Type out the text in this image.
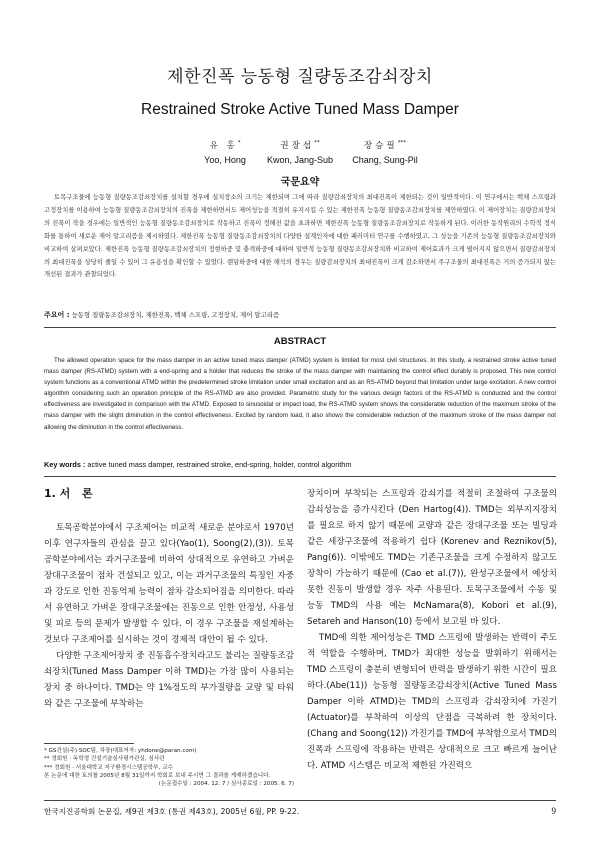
제한진폭 능동형 질량동조감쇠장치
Restrained Stroke Active Tuned Mass Damper
유 홍*
Yoo, Hong
권장섭**
Kwon, Jang-Sub
장승필***
Chang, Sung-Pil
국문요약
토목구조물에 능동형 질량동조감쇠장치를 설치할 경우에 설치장소의 크기는 제한되며 그에 따라 질량감쇠장치의 최대진폭이 제한되는 것이 일반적이다. 이 연구에서는 백체 스프링과 고정장치를 이용하여 능동형 질량동조감쇠장치의 진폭을 제한하면서도 제어성능을 적절히 유지시킬 수 있는 제한진폭 능동형 질량동조감쇠장치를 제안하였다. 이 제어장치는 질량감쇠장치의 진폭이 작을 경우에는 일반적인 능동형 질량동조감쇠장치로 작동하고 진폭이 정해진 값을 초과하면 제한진폭 능동형 질량동조감쇠장치로 작동하게 된다. 이러한 동작원리의 수학적 정식화를 통하여 새로운 제어 알고리즘을 제시하였다. 제한진폭 능동형 질량동조감쇠장치의 다양한 설계인자에 대한 패러미터 연구를 수행하였고, 그 성능을 기존의 능동형 질량동조감쇠장치와 비교하여 살펴보았다. 제한진폭 능동형 질량동조감쇠장치의 정현하중 및 충격하중에 대하여 일반적 능동형 질량동조감쇠장치와 비교하여 제어효과가 크게 떨어지지 않으면서 질량감쇠장치의 최대진폭을 상당히 줄일 수 있어 그 유용성을 확인할 수 있었다. 랜덤하중에 대한 해석의 경우는 질량감쇠장치의 최대진폭이 크게 감소하면서 주구조물의 최대진폭은 거의 증가되지 않는 개선된 결과가 관찰되었다.
주요어 : 능동형 질량동조감쇠장치, 제한진폭, 백체 스프링, 고정장치, 제어 알고리즘
ABSTRACT
The allowed operation space for the mass damper in an active tuned mass damper (ATMD) system is limited for most civil structures. In this study, a restrained stroke active tuned mass damper (RS-ATMD) system with a end-spring and a holder that reduces the stroke of the mass damper with maintaining the control effect durably is proposed. This new control system functions as a conventional ATMD within the predetermined stroke limitation under small excitation and as an RS-ATMD beyond that limitation under large excitation. A new control algorithm considering such an operation principle of the RS-ATMD are also provided. Parametric study for the various design factors of the RS-ATMD is conducted and the control effectiveness are investigated in comparison with the ATMD. Exposed to sinusoidal or impact load, the RS-ATMD system shows the considerable reduction of the maximum stroke of the mass damper with the slight diminution in the control effectiveness. Excited by random load, it also shows the considerable reduction of the maximum stroke of the mass damper not allowing the diminution in the control effectiveness.
Key words : active tuned mass damper, restrained stroke, end-spring, holder, control algorithm
1. 서 론

토목공학분야에서 구조제어는 비교적 새로운 분야로서 1970년 이후 연구자들의 관심을 끌고 있다(Yao(1), Soong(2),(3)). 토목공학분야에서는 과거구조물에 비하여 상대적으로 유연하고 가벼운 장대구조물이 점차 건설되고 있고, 이는 과거구조물의 특징인 자중과 강도로 인한 진동억제 능력이 점차 감소되어짐을 의미한다. 따라서 유연하고 가벼운 장대구조물에는 진동으로 인한 안정성, 사용성 및 피로 등의 문제가 발생할 수 있다. 이 경우 구조물을 재설계하는 것보다 구조제어를 실시하는 것이 경제적 대안이 될 수 있다.

다양한 구조제어장치 중 진동흡수장치라고도 불리는 질량동조감쇠장치(Tuned Mass Damper 이하 TMD)는 가장 많이 사용되는 장치 중 하나이다. TMD는 약 1%정도의 부가질량을 교량 및 타워와 같은 구조물에 부착하는

장치이며 부착되는 스프링과 감쇠기를 적절히 조절하여 구조물의 감쇠성능을 증가시킨다 (Den Hartog(4)). TMD는 외부지지장치를 필요로 하지 않기 때문에 교량과 같은 장대구조물 또는 빌딩과 같은 세장구조물에 적용하기 쉽다 (Korenev and Reznikov(5), Pang(6)). 이밖에도 TMD는 기존구조물을 크게 수정하지 않고도 장착이 가능하기 때문에 (Cao et al.(7)), 완성구조물에서 예상치 못한 진동이 발생할 경우 자주 사용된다. 토목구조물에서 수동 및 능동 TMD의 사용 예는 McNamara(8), Kobori et al.(9), Setareh and Hanson(10) 등에서 보고된 바 있다.

TMD에 의한 제어성능은 TMD 스프링에 발생하는 반력이 주도적 역할을 수행하며, TMD가 최대한 성능을 발휘하기 위해서는 TMD 스프링이 충분히 변형되어 반력을 발생하기 위한 시간이 필요하다.(Abe(11)) 능동형 질량동조감쇠장치(Active Tuned Mass Damper 이하 ATMD)는 TMD의 스프링과 감쇠장치에 가진기(Actuator)를 부착하여 이상의 단점을 극복하려 한 장치이다.(Chang and Soong(12)) 가진기를 TMD에 부착함으로서 TMD의 진폭과 스프링에 작용하는 반력은 상대적으로 크고 빠르게 늘어난다. ATMD 시스템은 비교적 제한된 가진력으

* GS건설(주) SOC팀, 차장(대표저자: yhdone@paran.com)
** 정회원 · 독학정 건설기술심사평가관실, 심사관
*** 정회원 · 서울대학교 지구환경시스템공학부, 교수
본 논문에 대한 토의를 2005년 8월 31일까지 학회로 보내 주시면 그 결과를 게재하겠습니다.
(논문접수일 : 2004. 12. 7 / 심사종료일 : 2005. 6. 7)
한국지진공학회 논문집, 제9권 제3호 (통권 제43호), 2005년 6월, PP. 9-22.	9
